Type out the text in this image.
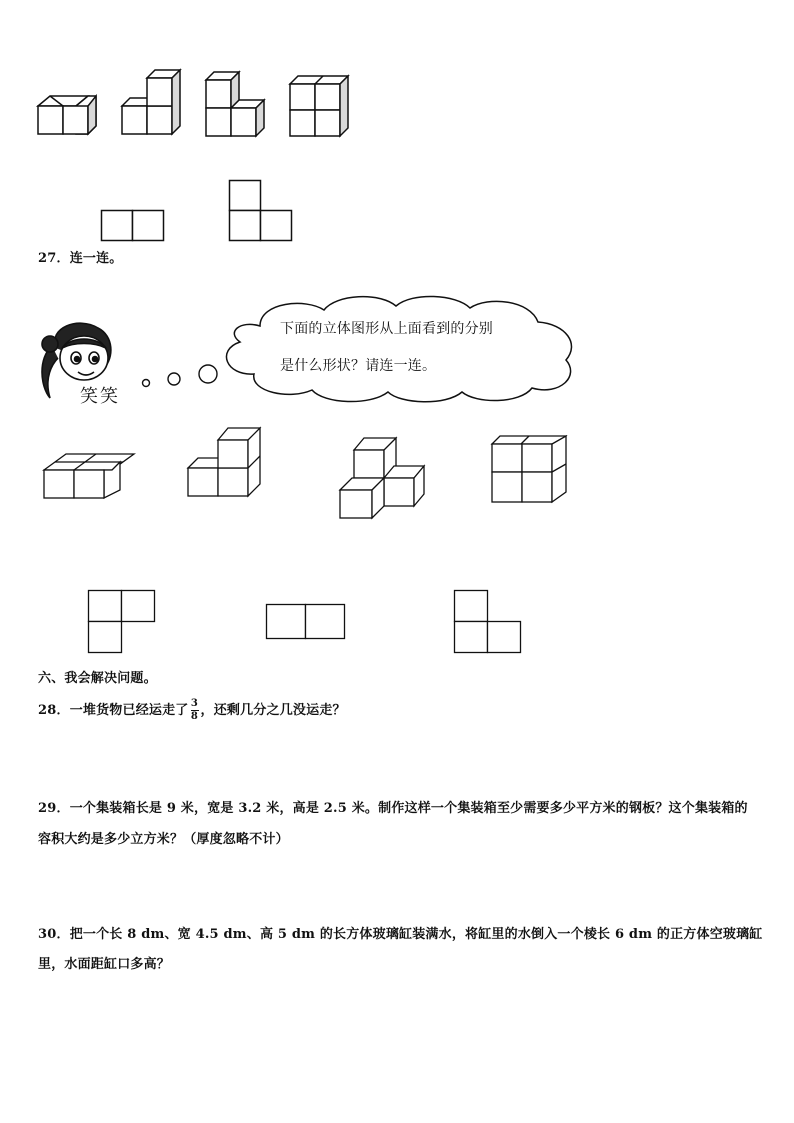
27．连一连。
笑笑
下面的立体图形从上面看到的分别
是什么形状？请连一连。
六、我会解决问题。
28． 一堆货物已经运走了 $\frac{3}{8}$ ，还剩几分之几没运走？
29．一个集装箱长是 9 米，宽是 3.2 米，高是 2.5 米。制作这样一个集装箱至少需要多少平方米的钢板？这个集装箱的
容积大约是多少立方米？（厚度忽略不计）
30．把一个长 8 dm、宽 4.5 dm、高 5 dm 的长方体玻璃缸装满水，将缸里的水倒入一个棱长 6 dm 的正方体空玻璃缸
里，水面距缸口多高？
